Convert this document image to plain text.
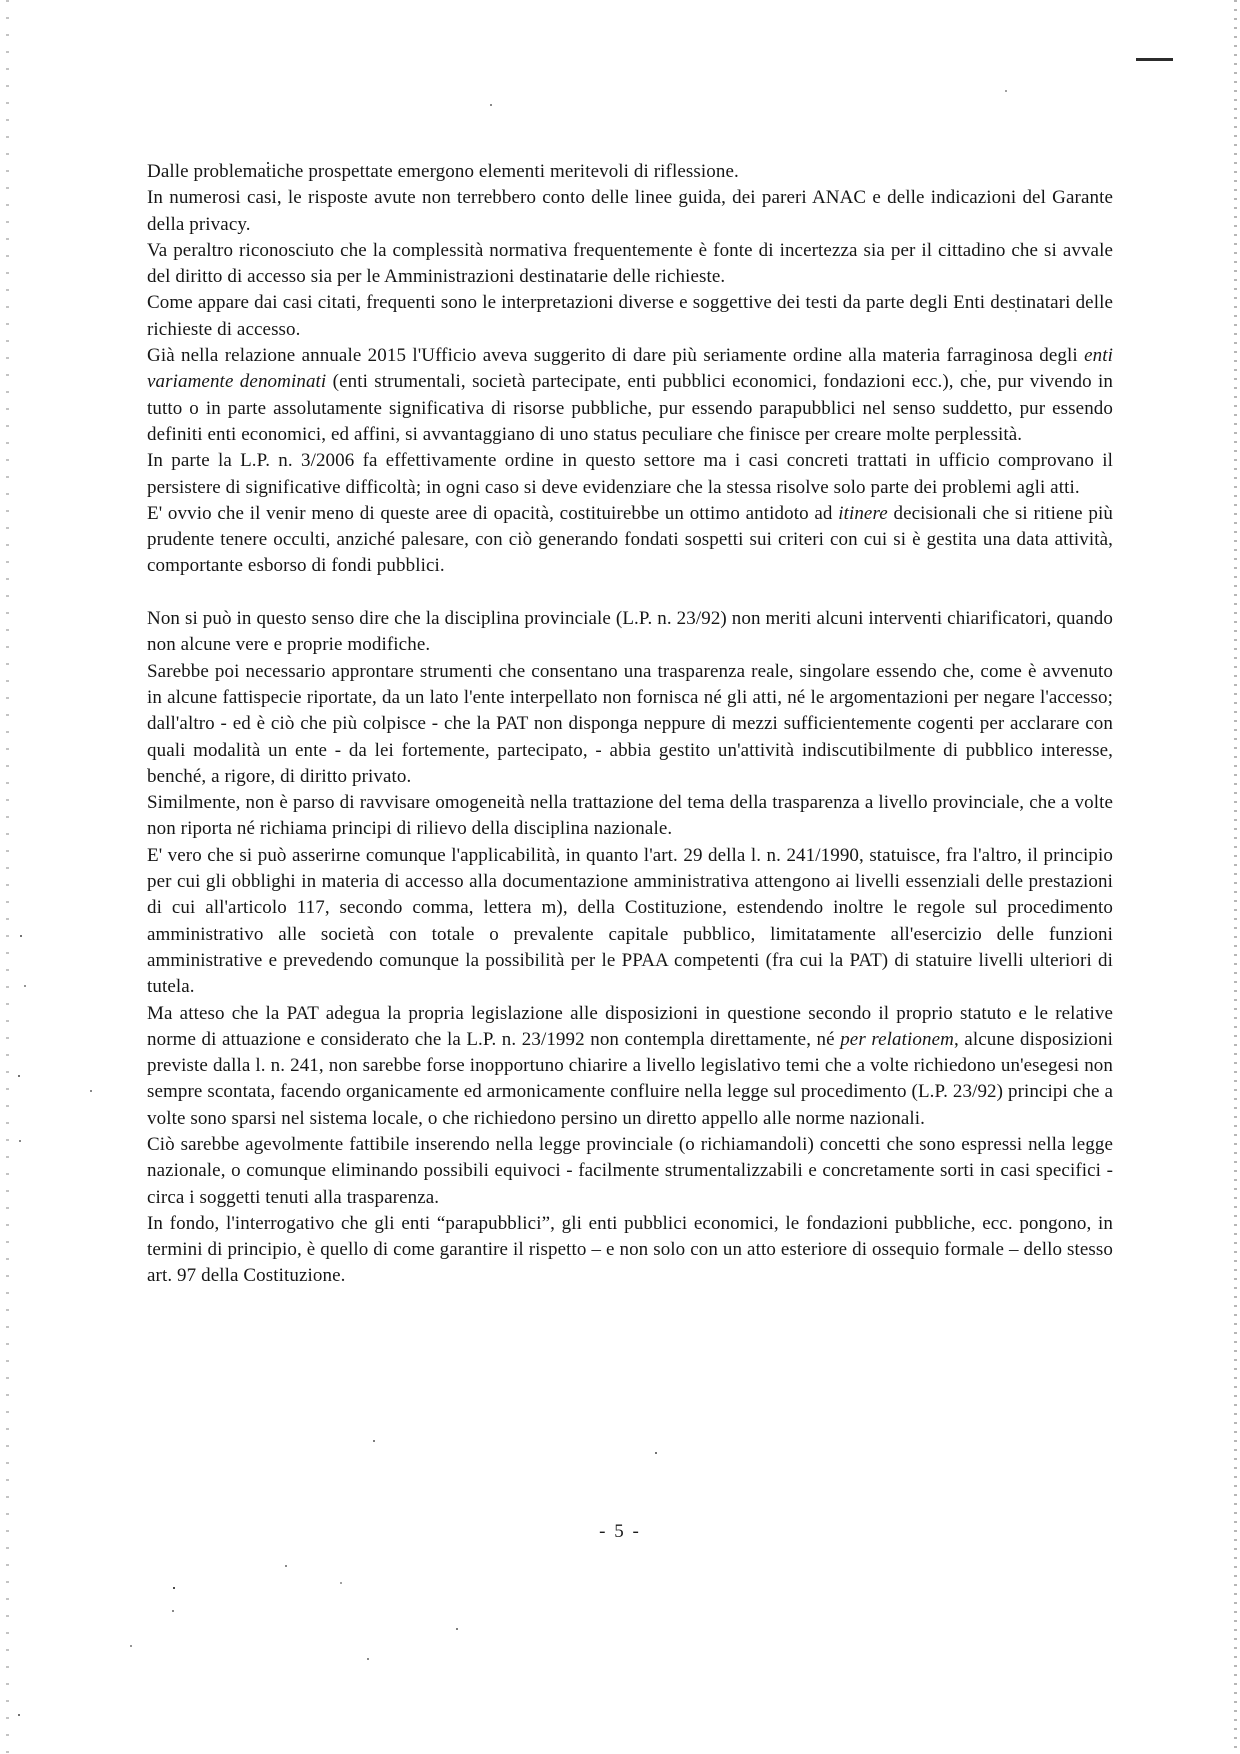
Dalle problematiche prospettate emergono elementi meritevoli di riflessione.

In numerosi casi, le risposte avute non terrebbero conto delle linee guida, dei pareri ANAC e delle indicazioni del Garante della privacy.

Va peraltro riconosciuto che la complessità normativa frequentemente è fonte di incertezza sia per il cittadino che si avvale del diritto di accesso sia per le Amministrazioni destinatarie delle richieste.

Come appare dai casi citati, frequenti sono le interpretazioni diverse e soggettive dei testi da parte degli Enti destinatari delle richieste di accesso.

Già nella relazione annuale 2015 l'Ufficio aveva suggerito di dare più seriamente ordine alla materia farraginosa degli enti variamente denominati (enti strumentali, società partecipate, enti pubblici economici, fondazioni ecc.), che, pur vivendo in tutto o in parte assolutamente significativa di risorse pubbliche, pur essendo parapubblici nel senso suddetto, pur essendo definiti enti economici, ed affini, si avvantaggiano di uno status peculiare che finisce per creare molte perplessità.

In parte la L.P. n. 3/2006 fa effettivamente ordine in questo settore ma i casi concreti trattati in ufficio comprovano il persistere di significative difficoltà; in ogni caso si deve evidenziare che la stessa risolve solo parte dei problemi agli atti.

E' ovvio che il venir meno di queste aree di opacità, costituirebbe un ottimo antidoto ad itinere decisionali che si ritiene più prudente tenere occulti, anziché palesare, con ciò generando fondati sospetti sui criteri con cui si è gestita una data attività, comportante esborso di fondi pubblici.

Non si può in questo senso dire che la disciplina provinciale (L.P. n. 23/92) non meriti alcuni interventi chiarificatori, quando non alcune vere e proprie modifiche.

Sarebbe poi necessario approntare strumenti che consentano una trasparenza reale, singolare essendo che, come è avvenuto in alcune fattispecie riportate, da un lato l'ente interpellato non fornisca né gli atti, né le argomentazioni per negare l'accesso; dall'altro - ed è ciò che più colpisce - che la PAT non disponga neppure di mezzi sufficientemente cogenti per acclarare con quali modalità un ente - da lei fortemente, partecipato, - abbia gestito un'attività indiscutibilmente di pubblico interesse, benché, a rigore, di diritto privato.

Similmente, non è parso di ravvisare omogeneità nella trattazione del tema della trasparenza a livello provinciale, che a volte non riporta né richiama principi di rilievo della disciplina nazionale.

E' vero che si può asserirne comunque l'applicabilità, in quanto l'art. 29 della l. n. 241/1990, statuisce, fra l'altro, il principio per cui gli obblighi in materia di accesso alla documentazione amministrativa attengono ai livelli essenziali delle prestazioni di cui all'articolo 117, secondo comma, lettera m), della Costituzione, estendendo inoltre le regole sul procedimento amministrativo alle società con totale o prevalente capitale pubblico, limitatamente all'esercizio delle funzioni amministrative e prevedendo comunque la possibilità per le PPAA competenti (fra cui la PAT) di statuire livelli ulteriori di tutela.

Ma atteso che la PAT adegua la propria legislazione alle disposizioni in questione secondo il proprio statuto e le relative norme di attuazione e considerato che la L.P. n. 23/1992 non contempla direttamente, né per relationem, alcune disposizioni previste dalla l. n. 241, non sarebbe forse inopportuno chiarire a livello legislativo temi che a volte richiedono un'esegesi non sempre scontata, facendo organicamente ed armonicamente confluire nella legge sul procedimento (L.P. 23/92) principi che a volte sono sparsi nel sistema locale, o che richiedono persino un diretto appello alle norme nazionali.

Ciò sarebbe agevolmente fattibile inserendo nella legge provinciale (o richiamandoli) concetti che sono espressi nella legge nazionale, o comunque eliminando possibili equivoci - facilmente strumentalizzabili e concretamente sorti in casi specifici - circa i soggetti tenuti alla trasparenza.

In fondo, l'interrogativo che gli enti “parapubblici”, gli enti pubblici economici, le fondazioni pubbliche, ecc. pongono, in termini di principio, è quello di come garantire il rispetto – e non solo con un atto esteriore di ossequio formale – dello stesso art. 97 della Costituzione.

- 5 -
